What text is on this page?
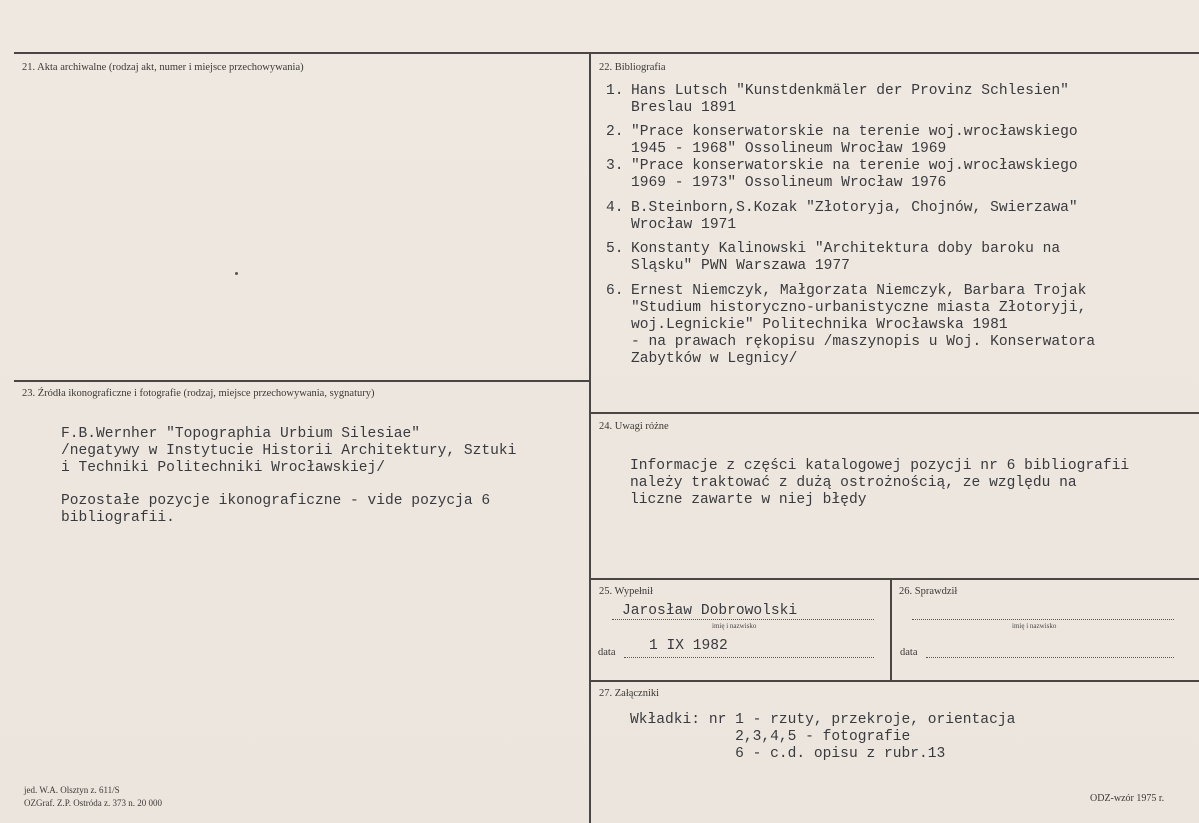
21. Akta archiwalne (rodzaj akt, numer i miejsce przechowywania)	22. Bibliografia
1. Hans Lutsch "Kunstdenkmäler der Provinz Schlesien"
Breslau 1891
2. "Prace konserwatorskie na terenie woj.wrocławskiego
1945 - 1968" Ossolineum Wrocław 1969
3. "Prace konserwatorskie na terenie woj.wrocławskiego
1969 - 1973" Ossolineum Wrocław 1976
4. B.Steinborn,S.Kozak "Złotoryja, Chojnów, Swierzawa"
Wrocław 1971
5. Konstanty Kalinowski "Architektura doby baroku na
Sląsku" PWN Warszawa 1977
6. Ernest Niemczyk, Małgorzata Niemczyk, Barbara Trojak
"Studium historyczno-urbanistyczne miasta Złotoryji,
woj.Legnickie" Politechnika Wrocławska 1981
- na prawach rękopisu /maszynopis u Woj. Konserwatora
Zabytków w Legnicy/
23. Źródła ikonograficzne i fotografie (rodzaj, miejsce przechowywania, sygnatury)
F.B.Wernher "Topographia Urbium Silesiae"
/negatywy w Instytucie Historii Architektury, Sztuki
i Techniki Politechniki Wrocławskiej/
Pozostałe pozycje ikonograficzne - vide pozycja 6
bibliografii.
24. Uwagi różne
Informacje z części katalogowej pozycji nr 6 bibliografii
należy traktować z dużą ostrożnością, ze względu na
liczne zawarte w niej błędy
25. Wypełnił
Jarosław Dobrowolski
imię i nazwisko
data 1 IX 1982
26. Sprawdził
imię i nazwisko
data
27. Załączniki
Wkładki: nr 1 - rzuty, przekroje, orientacja
2,3,4,5 - fotografie
6 - c.d. opisu z rubr.13
jed. W.A. Olsztyn z. 611/S
OZGraf. Z.P. Ostróda z. 373 n. 20 000	ODZ-wzór 1975 r.
